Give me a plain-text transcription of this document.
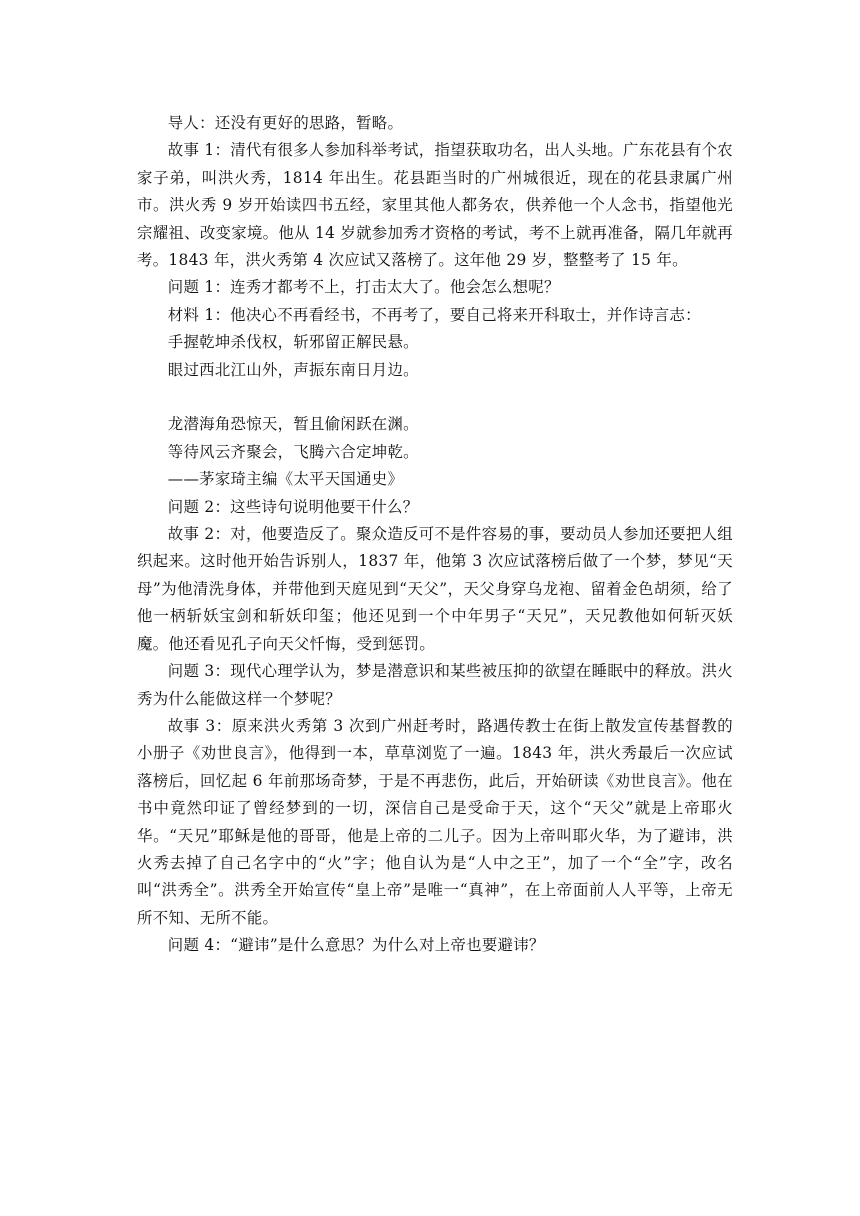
导人：还没有更好的思路，暂略。

故事 1：清代有很多人参加科举考试，指望获取功名，出人头地。广东花县有个农家子弟，叫洪火秀，1814 年出生。花县距当时的广州城很近，现在的花县隶属广州市。洪火秀 9 岁开始读四书五经，家里其他人都务农，供养他一个人念书，指望他光宗耀祖、改变家境。他从 14 岁就参加秀才资格的考试，考不上就再准备，隔几年就再考。1843 年，洪火秀第 4 次应试又落榜了。这年他 29 岁，整整考了 15 年。

问题 1：连秀才都考不上，打击太大了。他会怎么想呢？

材料 1：他决心不再看经书，不再考了，要自己将来开科取士，并作诗言志：

手握乾坤杀伐权，斩邪留正解民悬。

眼过西北江山外，声振东南日月边。

龙潜海角恐惊天，暂且偷闲跃在渊。

等待风云齐聚会，飞腾六合定坤乾。

——茅家琦主编《太平天国通史》

问题 2：这些诗句说明他要干什么？

故事 2：对，他要造反了。聚众造反可不是件容易的事，要动员人参加还要把人组织起来。这时他开始告诉别人，1837 年，他第 3 次应试落榜后做了一个梦，梦见“天母”为他清洗身体，并带他到天庭见到“天父”，天父身穿乌龙袍、留着金色胡须，给了他一柄斩妖宝剑和斩妖印玺；他还见到一个中年男子“天兄”，天兄教他如何斩灭妖魔。他还看见孔子向天父忏悔，受到惩罚。

问题 3：现代心理学认为，梦是潜意识和某些被压抑的欲望在睡眠中的释放。洪火秀为什么能做这样一个梦呢？

故事 3：原来洪火秀第 3 次到广州赶考时，路遇传教士在街上散发宣传基督教的小册子《劝世良言》，他得到一本，草草浏览了一遍。1843 年，洪火秀最后一次应试落榜后，回忆起 6 年前那场奇梦，于是不再悲伤，此后，开始研读《劝世良言》。他在书中竟然印证了曾经梦到的一切，深信自己是受命于天，这个“天父”就是上帝耶火华。“天兄”耶稣是他的哥哥，他是上帝的二儿子。因为上帝叫耶火华，为了避讳，洪火秀去掉了自己名字中的“火”字；他自认为是“人中之王”，加了一个“全”字，改名叫“洪秀全”。洪秀全开始宣传“皇上帝”是唯一“真神”，在上帝面前人人平等，上帝无所不知、无所不能。

问题 4：“避讳”是什么意思？为什么对上帝也要避讳？
